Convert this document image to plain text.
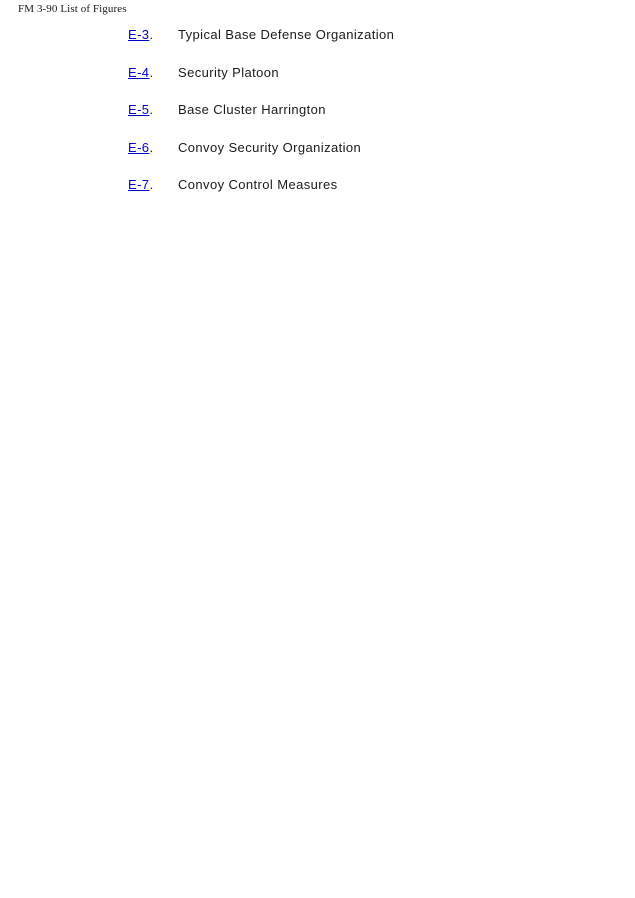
FM 3-90 List of Figures
E-3.	Typical Base Defense Organization
E-4.	Security Platoon
E-5.	Base Cluster Harrington
E-6.	Convoy Security Organization
E-7.	Convoy Control Measures
